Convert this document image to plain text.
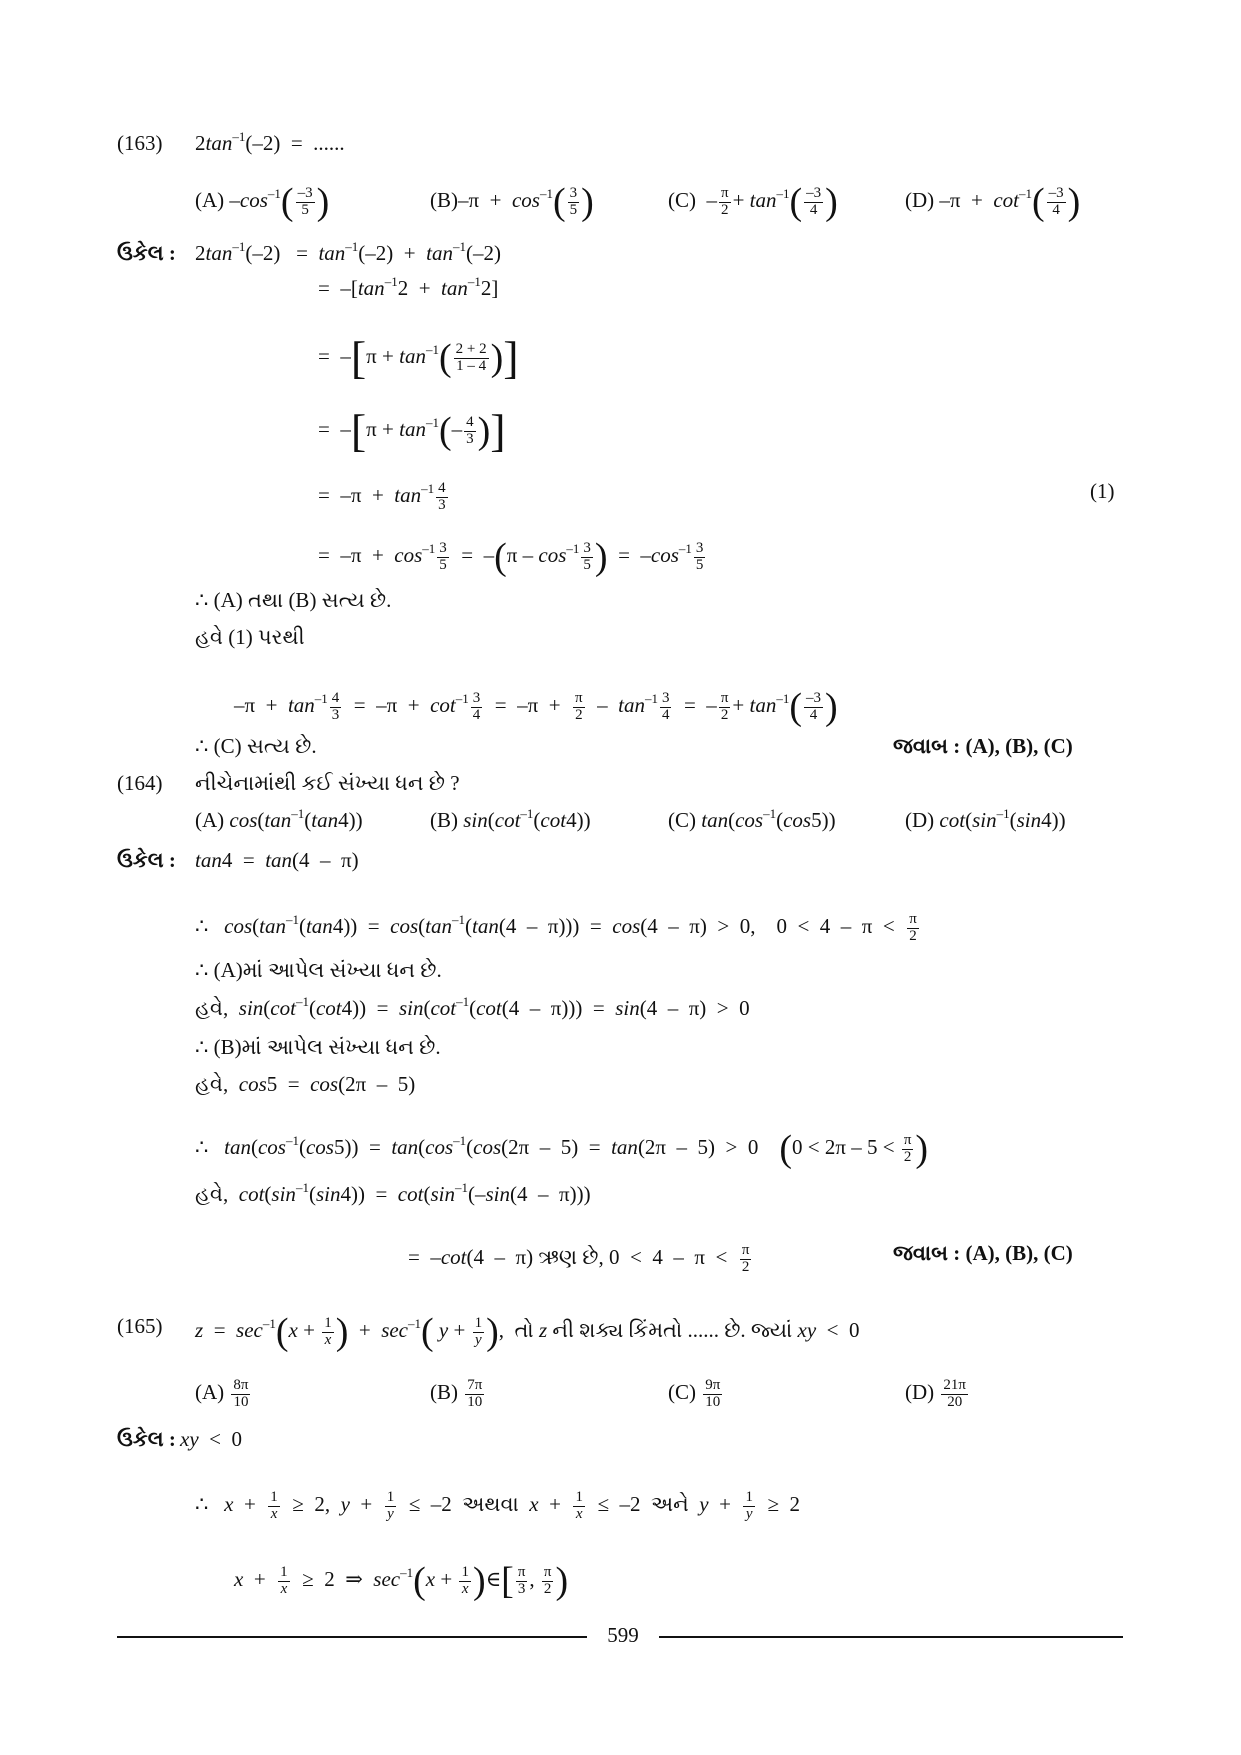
(163) $2\tan^{-1}(-2)$  =  ......
(A) $-\cos^{-1}( \frac{-3}{5}$ )	$(B)-\pi + \cos^{-1}( \frac{3}{5}$ )	$(C) - \frac{\pi}{2} + \tan^{-1}( \frac{-3}{4}$ )	(D) $-\pi + \cot^{-1}( \frac{-3}{4}$ )
ઉકેલ : $2\tan^{-1}(-2) = \tan^{-1}(-2) + \tan^{-1}(-2)$
=  $-[\tan^{-1}2 + \tan^{-1}2]$
=  $-[\pi + \tan^{-1}( \frac{2 + 2}{1 - 4}$ )]
=  $-[\pi + \tan^{-1}(- \frac{4}{3}$ )]
=  $-\pi + \tan^{-1} \frac{4}{3}$	(1)
=  $-\pi + \cos^{-1} \frac{3}{5} = -(\pi - \cos^{-1} \frac{3}{5}$ )  =  $-\cos^{-1} \frac{3}{5}$
∴ (A) તથા (B) સત્ય છે.
હવે (1) પરથી
$-\pi + \tan^{-1} \frac{4}{3} = -\pi + \cot^{-1} \frac{3}{4} = -\pi + \frac{\pi}{2} - \tan^{-1} \frac{3}{4}$ =  – $\frac{\pi}{2} + \tan^{-1}( \frac{-3}{4}$ )
∴ (C) સત્ય છે.	જવાબ : (A), (B), (C)
(164) નીચેનામાંથી કઈ સંખ્યા ધન છે ?
(A) $\cos(\tan^{-1}(\tan 4))$	(B) $\sin(\cot^{-1}(\cot 4))$	(C) $\tan(\cos^{-1}(\cos 5))$	(D) $\cot(\sin^{-1}(\sin 4))$
ઉકેલ : tan4  =  tan(4  –  π)
∴   $\cos(\tan^{-1}(\tan 4)) = \cos(\tan^{-1}(\tan(4 - \pi))) = \cos(4 - \pi) > 0$,    $0 < 4 - \pi < \frac{\pi}{2}$
∴ (A)માં આપેલ સંખ્યા ધન છે.
હવે,  $\sin(\cot^{-1}(\cot 4)) = \sin(\cot^{-1}(\cot(4 - \pi))) = \sin(4 - \pi) > 0$
∴ (B)માં આપેલ સંખ્યા ધન છે.
હવે,  cos5  =  cos(2π  –  5)
∴   $\tan(\cos^{-1}(\cos 5)) = \tan(\cos^{-1}(\cos(2\pi - 5) = \tan(2\pi - 5) > 0$    ($0 < 2\pi - 5 < \frac{\pi}{2}$ )
હવે,  $\cot(\sin^{-1}(\sin 4)) = \cot(\sin^{-1}(-\sin(4 - \pi)))$
=  –cot(4  –  π) ઋણ છે, $0 < 4 - \pi < \frac{\pi}{2}$	જવાબ : (A), (B), (C)
(165) $z = \sec^{-1}(x + \frac{1}{x}$ )  +  $\sec^{-1}$( $y + \frac{1}{y}$ ),  તો z ની શક્ય કિંમતો ...... છે. જ્યાં xy  <  0
$(A) \frac{8\pi}{10}$	$(B) \frac{7\pi}{10}$	$(C) \frac{9\pi}{10}$	$(D) \frac{21\pi}{20}$
ઉકેલ : xy  <  0
∴   $x + \frac{1}{x} \ge 2$,  $y + \frac{1}{y} \le -2$  અથવા  $x + \frac{1}{x} \le -2$  અને  $y + \frac{1}{y} \ge 2$
$x + \frac{1}{x} \ge 2$  ⇒  $\sec^{-1}(x + \frac{1}{x}$ )∈[ $\frac{\pi}{3}$ , $\frac{\pi}{2}$ )
599
